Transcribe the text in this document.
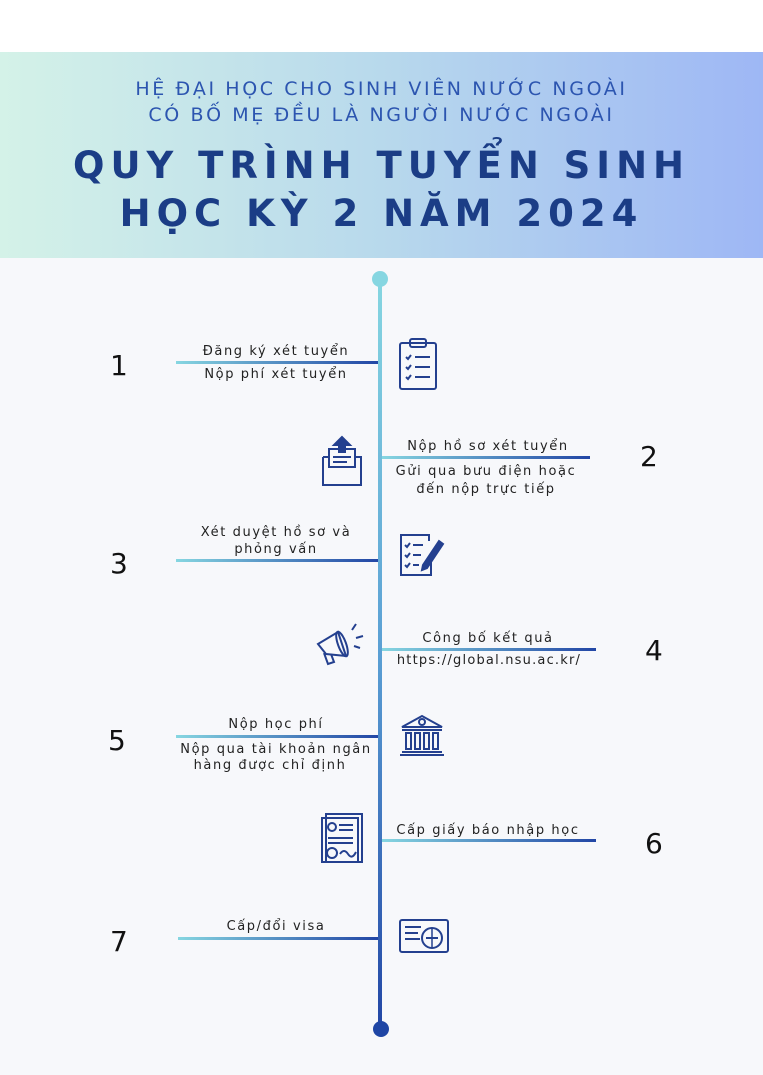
HỆ ĐẠI HỌC CHO SINH VIÊN NƯỚC NGOÀI
CÓ BỐ MẸ ĐỀU LÀ NGƯỜI NƯỚC NGOÀI
QUY TRÌNH TUYỂN SINH
HỌC KỲ 2 NĂM 2024
1	Đăng ký xét tuyển
Nộp phí xét tuyển
Nộp hồ sơ xét tuyển
Gửi qua bưu điện hoặc
đến nộp trực tiếp
2
3
Xét duyệt hồ sơ và
phỏng vấn
Công bố kết quả
https://global.nsu.ac.kr/	4
5	Nộp học phí
Nộp qua tài khoản ngân
hàng được chỉ định
Cấp giấy báo nhập học	6
7	Cấp/đổi visa
